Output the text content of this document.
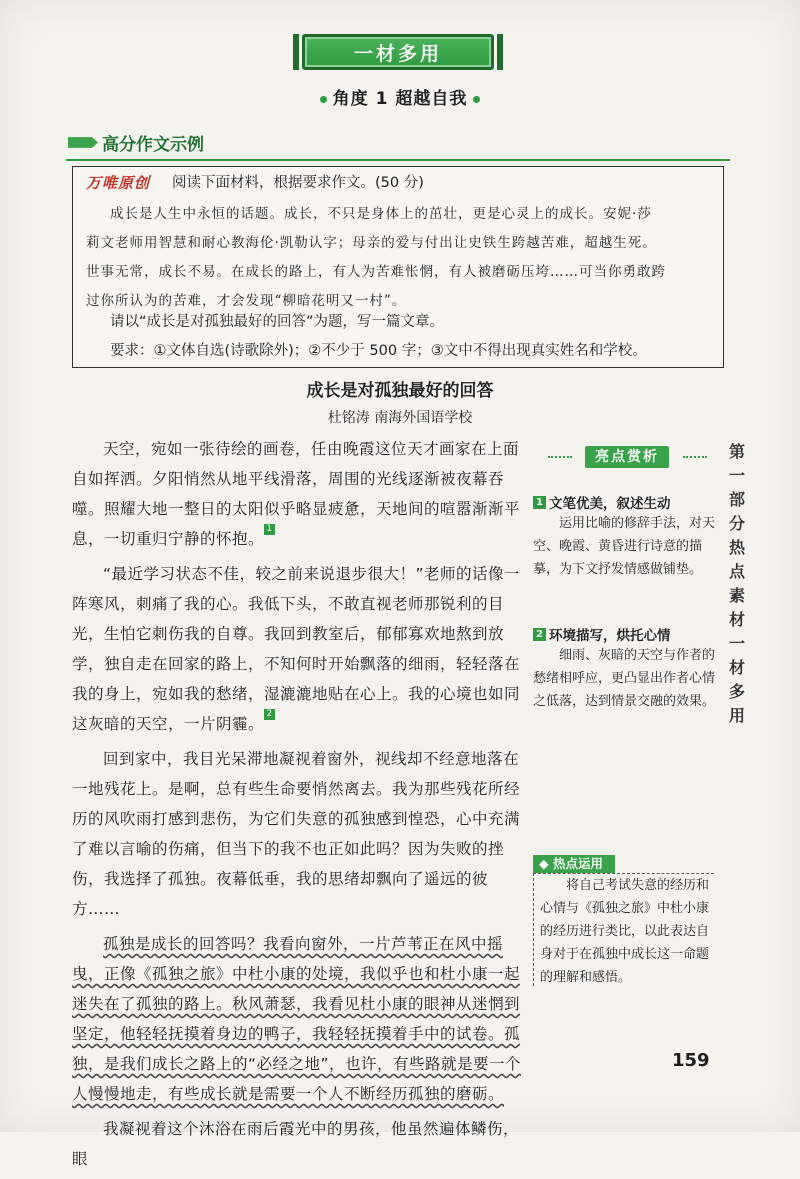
一材多用
角度 1 超越自我
高分作文示例
万唯原创 阅读下面材料，根据要求作文。(50 分)
成长是人生中永恒的话题。成长，不只是身体上的茁壮，更是心灵上的成长。安妮·莎
莉文老师用智慧和耐心教海伦·凯勒认字；母亲的爱与付出让史铁生跨越苦难，超越生死。
世事无常，成长不易。在成长的路上，有人为苦难怅惘，有人被磨砺压垮……可当你勇敢跨
过你所认为的苦难，才会发现“柳暗花明又一村”。
请以“成长是对孤独最好的回答”为题，写一篇文章。
要求：①文体自选(诗歌除外)；②不少于 500 字；③文中不得出现真实姓名和学校。
成长是对孤独最好的回答
杜铭涛 南海外国语学校

天空，宛如一张待绘的画卷，任由晚霞这位天才画家在上面自如挥洒。夕阳悄然从地平线滑落，周围的光线逐渐被夜幕吞噬。照耀大地一整日的太阳似乎略显疲惫，天地间的喧嚣渐渐平息，一切重归宁静的怀抱。1

“最近学习状态不佳，较之前来说退步很大！”老师的话像一阵寒风，刺痛了我的心。我低下头，不敢直视老师那锐利的目光，生怕它刺伤我的自尊。我回到教室后，郁郁寡欢地熬到放学，独自走在回家的路上，不知何时开始飘落的细雨，轻轻落在我的身上，宛如我的愁绪，湿漉漉地贴在心上。我的心境也如同这灰暗的天空，一片阴霾。2

回到家中，我目光呆滞地凝视着窗外，视线却不经意地落在一地残花上。是啊，总有些生命要悄然离去。我为那些残花所经历的风吹雨打感到悲伤，为它们失意的孤独感到惶恐，心中充满了难以言喻的伤痛，但当下的我不也正如此吗？因为失败的挫伤，我选择了孤独。夜幕低垂，我的思绪却飘向了遥远的彼方……

孤独是成长的回答吗？我看向窗外，一片芦苇正在风中摇曳，正像《孤独之旅》中杜小康的处境，我似乎也和杜小康一起迷失在了孤独的路上。秋风萧瑟，我看见杜小康的眼神从迷惘到坚定，他轻轻抚摸着身边的鸭子，我轻轻抚摸着手中的试卷。孤独，是我们成长之路上的“必经之地”，也许，有些路就是要一个人慢慢地走，有些成长就是需要一个人不断经历孤独的磨砺。

我凝视着这个沐浴在雨后霞光中的男孩，他虽然遍体鳞伤，眼

亮点赏析
1 文笔优美，叙述生动
运用比喻的修辞手法，对天空、晚霞、黄昏进行诗意的描摹，为下文抒发情感做铺垫。
2 环境描写，烘托心情
细雨、灰暗的天空与作者的愁绪相呼应，更凸显出作者心情之低落，达到情景交融的效果。
◆ 热点运用
将自己考试失意的经历和心情与《孤独之旅》中杜小康的经历进行类比，以此表达自身对于在孤独中成长这一命题的理解和感悟。
第一部分 热点素材一材多用
159
